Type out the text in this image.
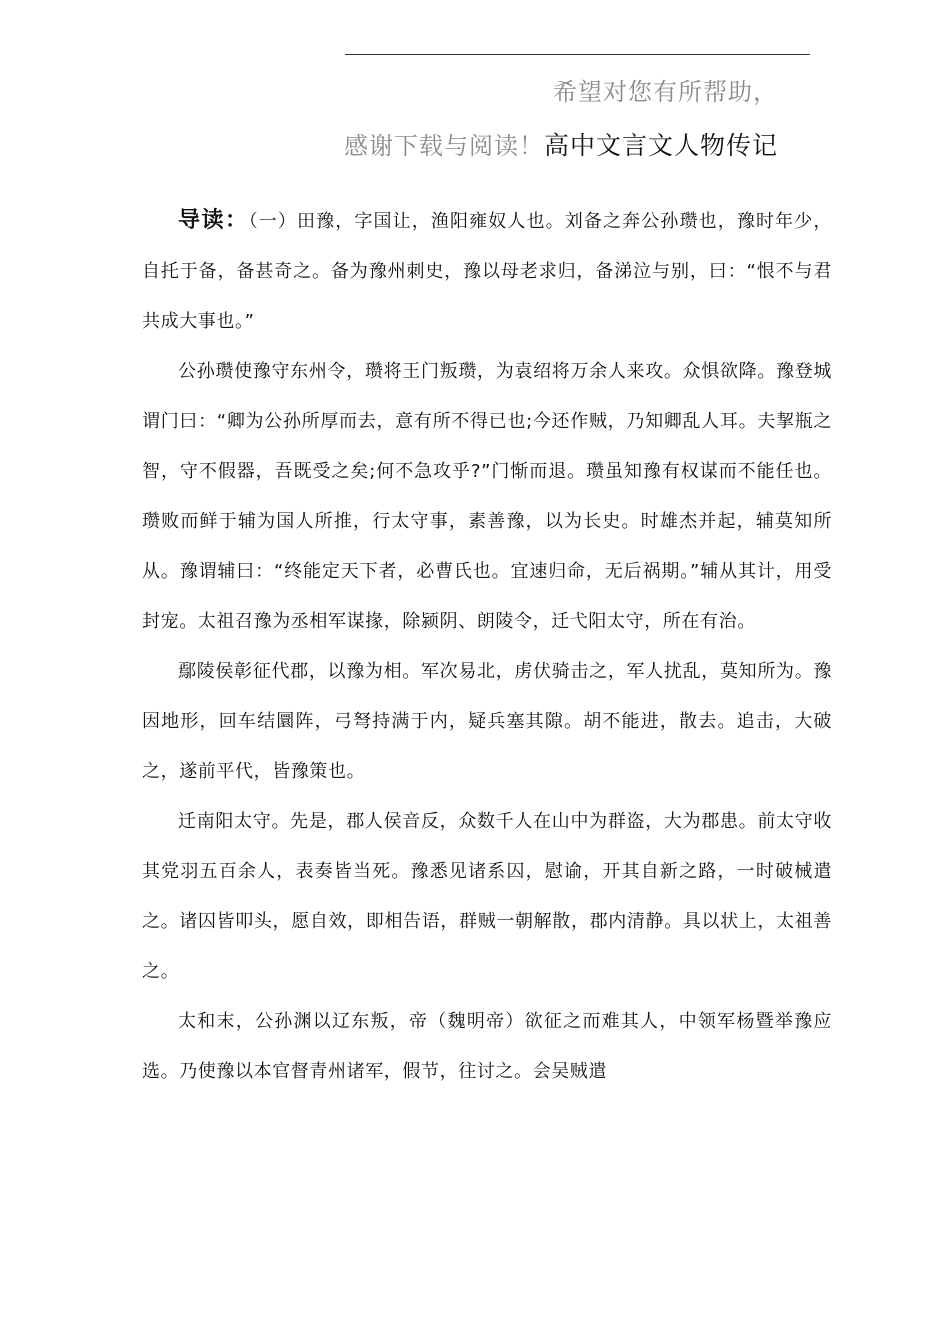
希望对您有所帮助，
感谢下载与阅读！高中文言文人物传记

导读：（一）田豫，字国让，渔阳雍奴人也。刘备之奔公孙瓒也，豫时年少，自托于备，备甚奇之。备为豫州刺史，豫以母老求归，备涕泣与别，曰：“恨不与君共成大事也。”

公孙瓒使豫守东州令，瓒将王门叛瓒，为袁绍将万余人来攻。众惧欲降。豫登城谓门曰：“卿为公孙所厚而去，意有所不得已也;今还作贼，乃知卿乱人耳。夫挈瓶之智，守不假器，吾既受之矣;何不急攻乎?”门惭而退。瓒虽知豫有权谋而不能任也。瓒败而鲜于辅为国人所推，行太守事，素善豫，以为长史。时雄杰并起，辅莫知所从。豫谓辅曰：“终能定天下者，必曹氏也。宜速归命，无后祸期。”辅从其计，用受封宠。太祖召豫为丞相军谋掾，除颍阴、朗陵令，迁弋阳太守，所在有治。

鄢陵侯彰征代郡，以豫为相。军次易北，虏伏骑击之，军人扰乱，莫知所为。豫因地形，回车结圜阵，弓弩持满于内，疑兵塞其隙。胡不能进，散去。追击，大破之，遂前平代，皆豫策也。

迁南阳太守。先是，郡人侯音反，众数千人在山中为群盗，大为郡患。前太守收其党羽五百余人，表奏皆当死。豫悉见诸系囚，慰谕，开其自新之路，一时破械遣之。诸囚皆叩头，愿自效，即相告语，群贼一朝解散，郡内清静。具以状上，太祖善之。

太和末，公孙渊以辽东叛，帝（魏明帝）欲征之而难其人，中领军杨暨举豫应选。乃使豫以本官督青州诸军，假节，往讨之。会吴贼遣
